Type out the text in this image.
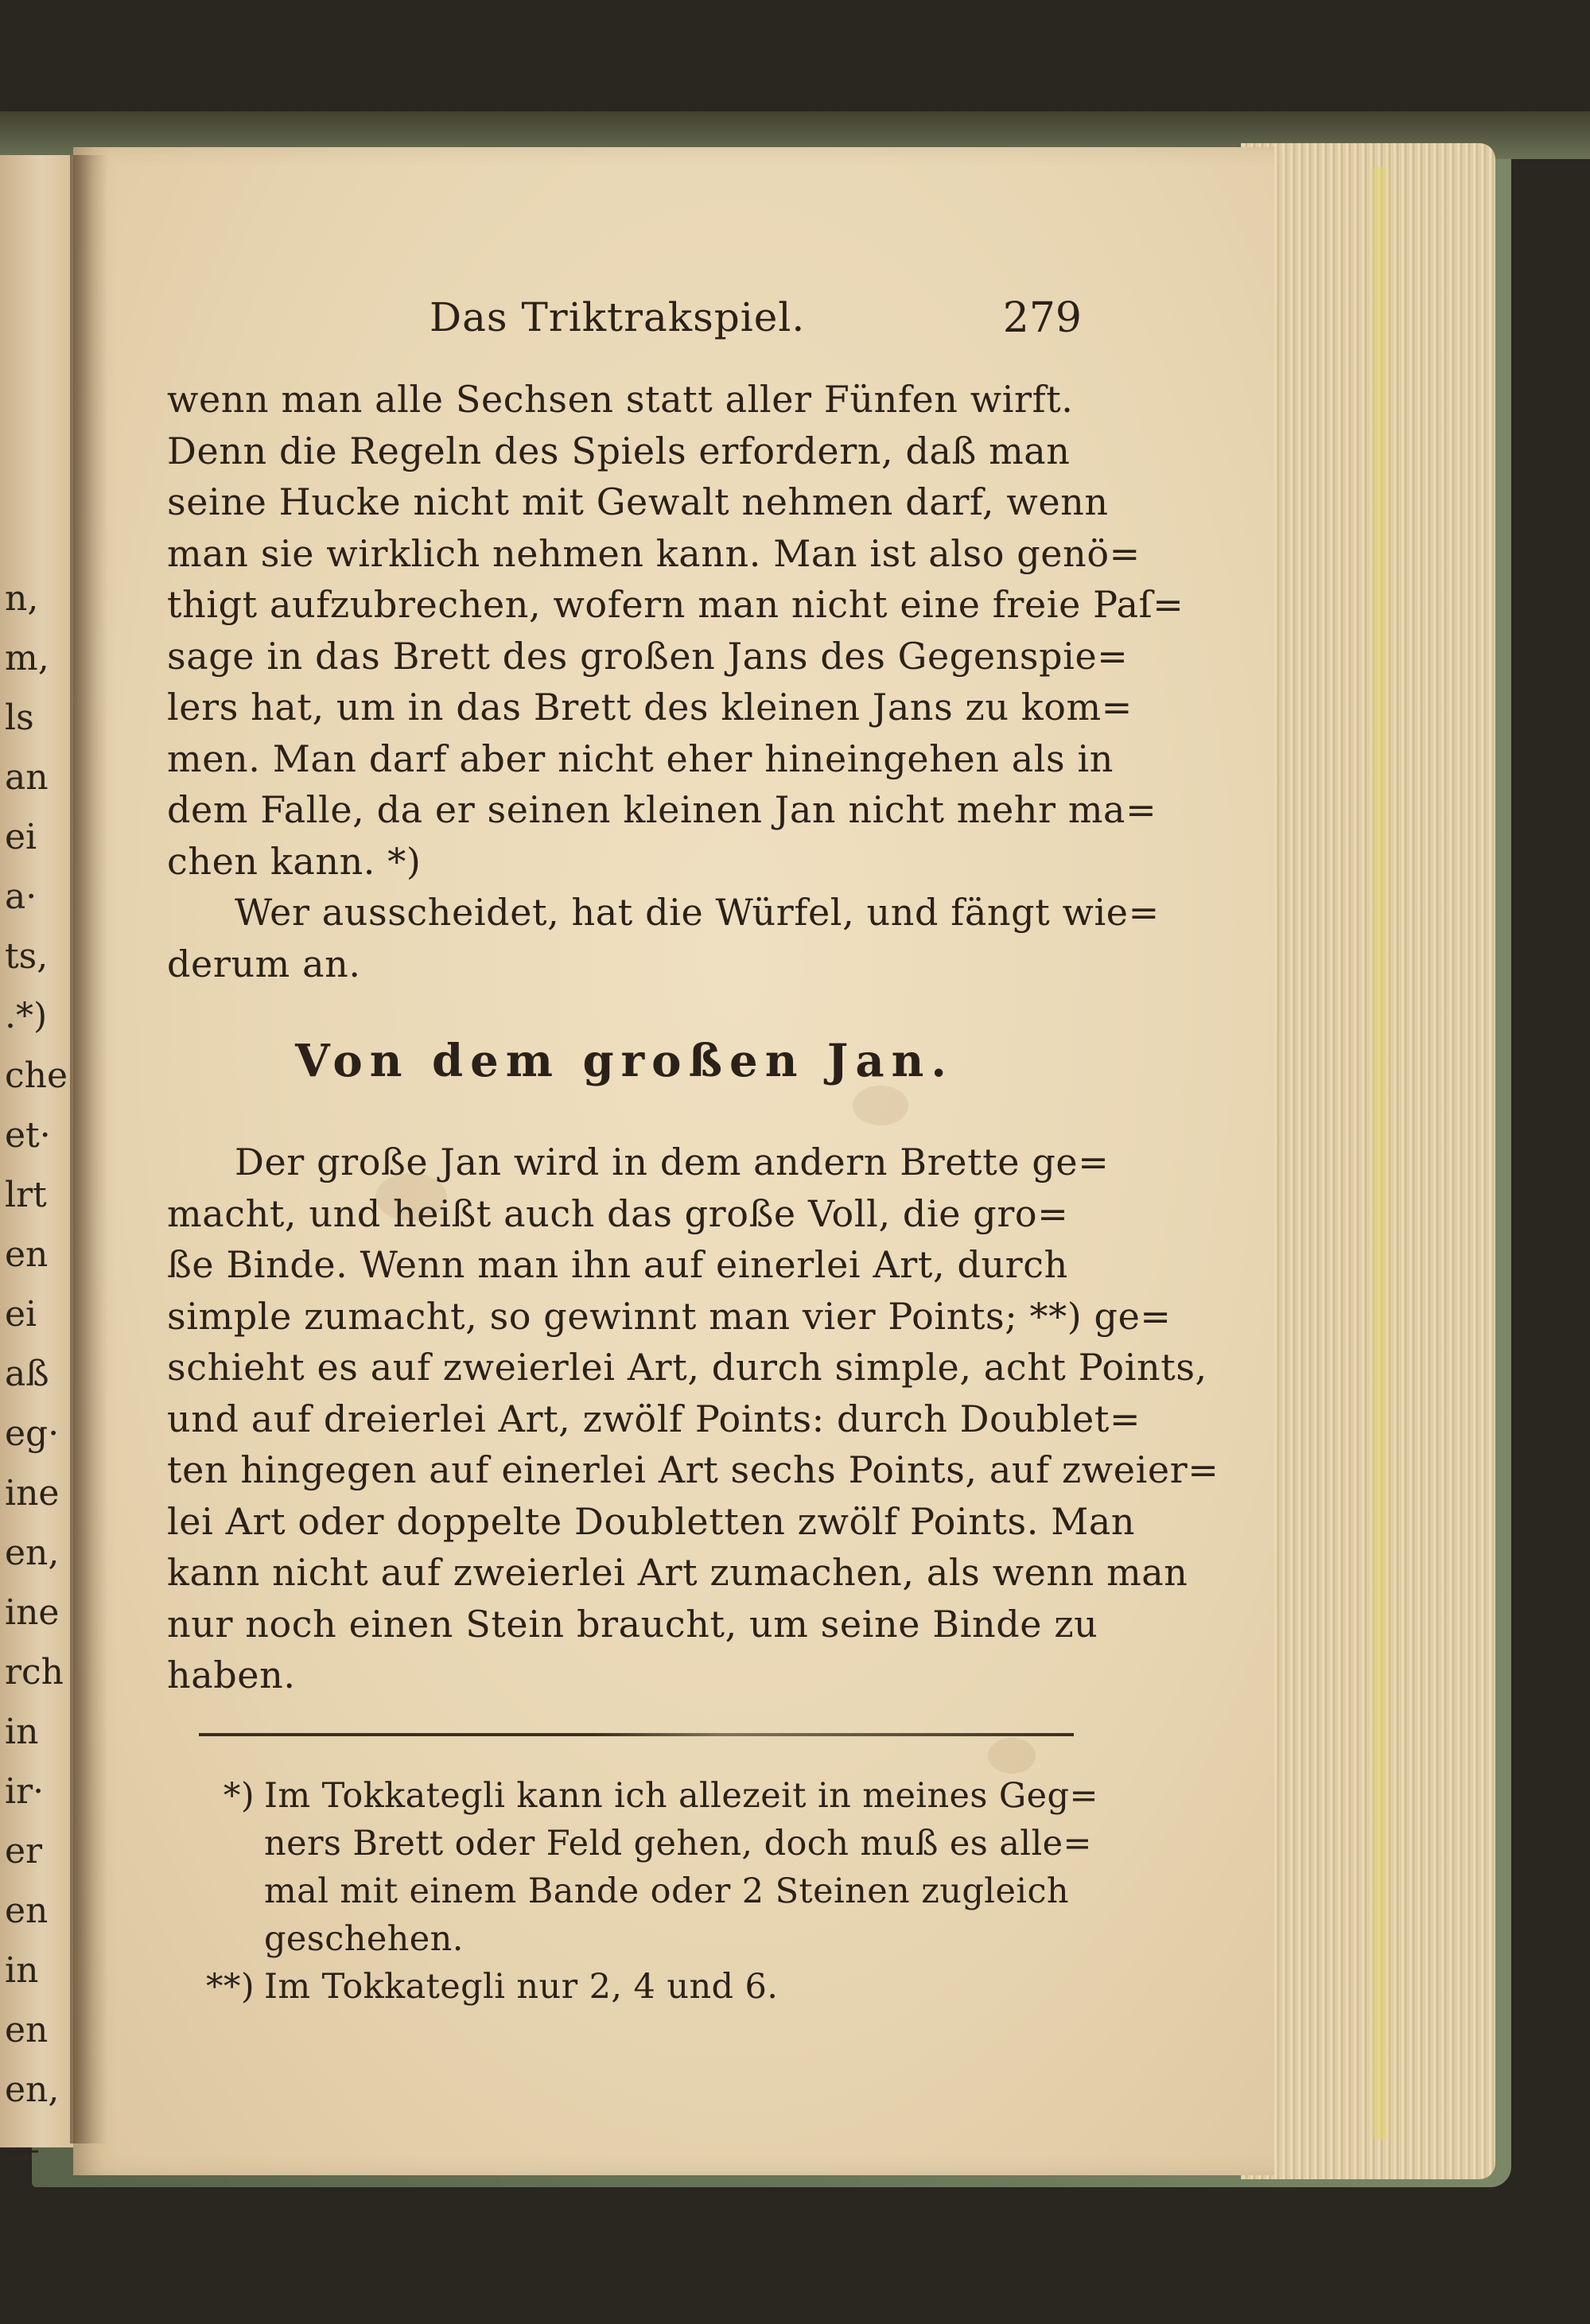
n,
m,
ls
an
ei
a·
ts,
.*)
che
et·
lrt
en
ei
aß
eg·
ine
en,
ine
rch
in
ir·
er
en
in
en
en,
—
Das Triktrakspiel.	279
wenn man alle Sechsen statt aller Fünfen wirft.
Denn die Regeln des Spiels erfordern, daß man
seine Hucke nicht mit Gewalt nehmen darf, wenn
man sie wirklich nehmen kann. Man ist also genö=
thigt aufzubrechen, wofern man nicht eine freie Paſ=
sage in das Brett des großen Jans des Gegenspie=
lers hat, um in das Brett des kleinen Jans zu kom=
men. Man darf aber nicht eher hineingehen als in
dem Falle, da er seinen kleinen Jan nicht mehr ma=
chen kann. *)
Wer ausscheidet, hat die Würfel, und fängt wie=
derum an.
Von dem großen Jan.
Der große Jan wird in dem andern Brette ge=
macht, und heißt auch das große Voll, die gro=
ße Binde. Wenn man ihn auf einerlei Art, durch
simple zumacht, so gewinnt man vier Points; **) ge=
schieht es auf zweierlei Art, durch simple, acht Points,
und auf dreierlei Art, zwölf Points: durch Doublet=
ten hingegen auf einerlei Art sechs Points, auf zweier=
lei Art oder doppelte Doubletten zwölf Points. Man
kann nicht auf zweierlei Art zumachen, als wenn man
nur noch einen Stein braucht, um seine Binde zu
haben.
*) Im Tokkategli kann ich allezeit in meines Geg=
ners Brett oder Feld gehen, doch muß es alle=
mal mit einem Bande oder 2 Steinen zugleich
geschehen.
**) Im Tokkategli nur 2, 4 und 6.
